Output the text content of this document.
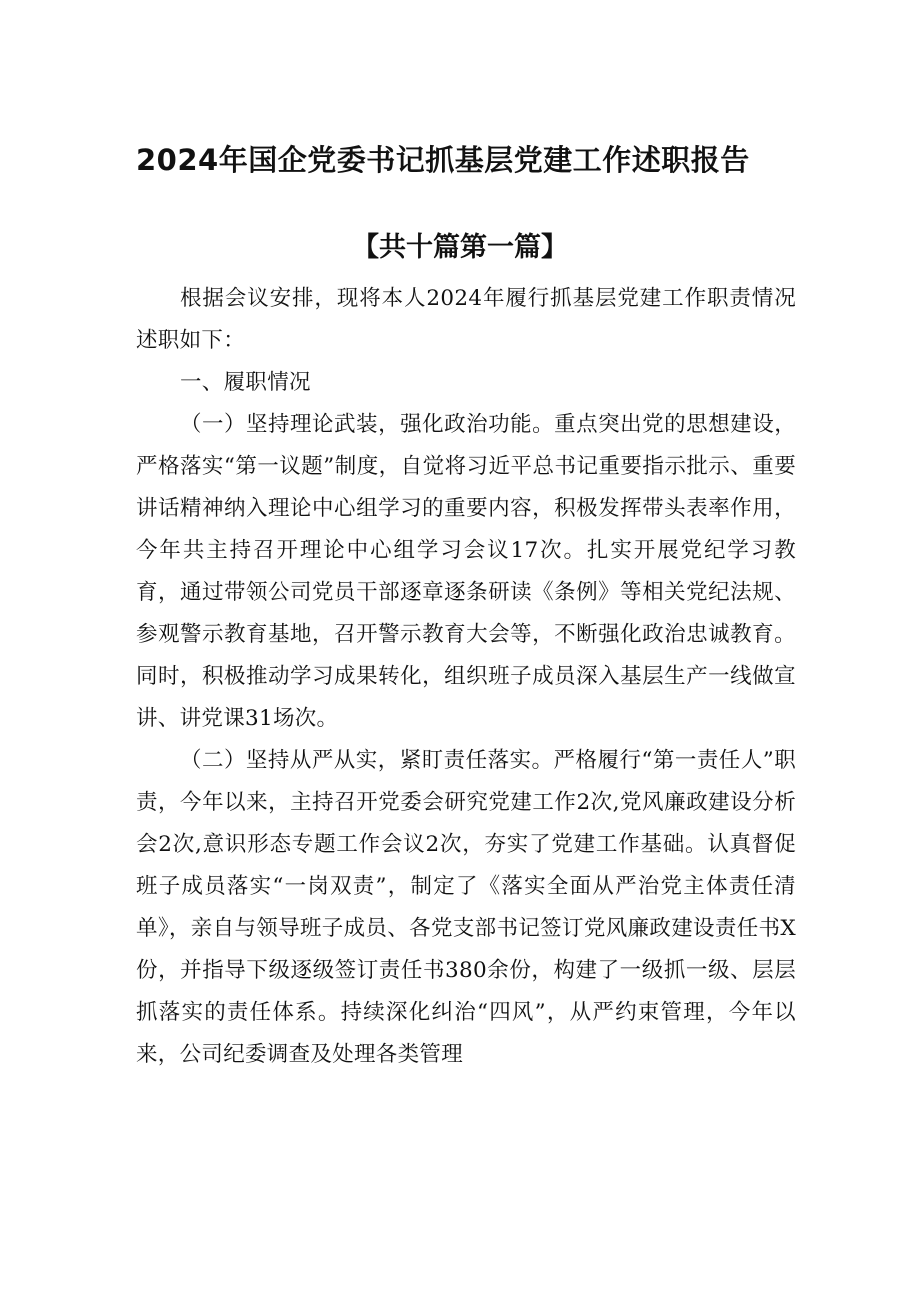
2024年国企党委书记抓基层党建工作述职报告
【共十篇第一篇】

根据会议安排，现将本人2024年履行抓基层党建工作职责情况述职如下：

一、履职情况

（一）坚持理论武装，强化政治功能。重点突出党的思想建设，严格落实“第一议题”制度，自觉将习近平总书记重要指示批示、重要讲话精神纳入理论中心组学习的重要内容，积极发挥带头表率作用，今年共主持召开理论中心组学习会议17次。扎实开展党纪学习教育，通过带领公司党员干部逐章逐条研读《条例》等相关党纪法规、参观警示教育基地，召开警示教育大会等，不断强化政治忠诚教育。同时，积极推动学习成果转化，组织班子成员深入基层生产一线做宣讲、讲党课31场次。

（二）坚持从严从实，紧盯责任落实。严格履行“第一责任人”职责，今年以来，主持召开党委会研究党建工作2次,党风廉政建设分析会2次,意识形态专题工作会议2次，夯实了党建工作基础。认真督促班子成员落实“一岗双责”，制定了《落实全面从严治党主体责任清单》，亲自与领导班子成员、各党支部书记签订党风廉政建设责任书X份，并指导下级逐级签订责任书380余份，构建了一级抓一级、层层抓落实的责任体系。持续深化纠治“四风”，从严约束管理，今年以来，公司纪委调查及处理各类管理
